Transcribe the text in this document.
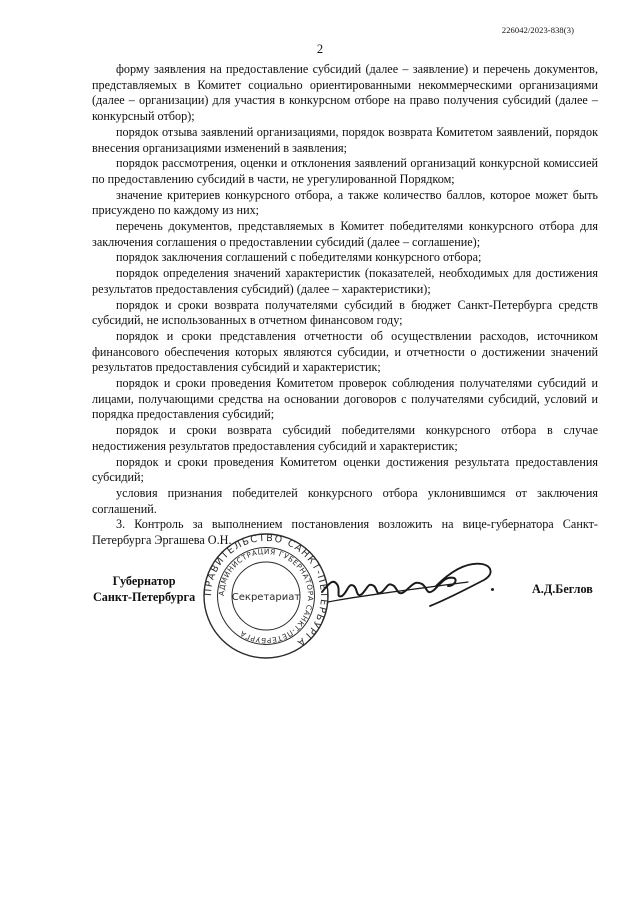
226042/2023-838(3)
2

форму заявления на предоставление субсидий (далее – заявление) и перечень документов, представляемых в Комитет социально ориентированными некоммерческими организациями (далее – организации) для участия в конкурсном отборе на право получения субсидий (далее – конкурсный отбор);

порядок отзыва заявлений организациями, порядок возврата Комитетом заявлений, порядок внесения организациями изменений в заявления;

порядок рассмотрения, оценки и отклонения заявлений организаций конкурсной комиссией по предоставлению субсидий в части, не урегулированной Порядком;

значение критериев конкурсного отбора, а также количество баллов, которое может быть присуждено по каждому из них;

перечень документов, представляемых в Комитет победителями конкурсного отбора для заключения соглашения о предоставлении субсидий (далее – соглашение);

порядок заключения соглашений с победителями конкурсного отбора;

порядок определения значений характеристик (показателей, необходимых для достижения результатов предоставления субсидий) (далее – характеристики);

порядок и сроки возврата получателями субсидий в бюджет Санкт-Петербурга средств субсидий, не использованных в отчетном финансовом году;

порядок и сроки представления отчетности об осуществлении расходов, источником финансового обеспечения которых являются субсидии, и отчетности о достижении значений результатов предоставления субсидий и характеристик;

порядок и сроки проведения Комитетом проверок соблюдения получателями субсидий и лицами, получающими средства на основании договоров с получателями субсидий, условий и порядка предоставления субсидий;

порядок и сроки возврата субсидий победителями конкурсного отбора в случае недостижения результатов предоставления субсидий и характеристик;

порядок и сроки проведения Комитетом оценки достижения результата предоставления субсидий;

условия признания победителей конкурсного отбора уклонившимся от заключения соглашений.

3. Контроль за выполнением постановления возложить на вице-губернатора Санкт-Петербурга Эргашева О.Н.

Губернатор
Санкт-Петербурга ПРАВИТЕЛЬСТВО САНКТ-ПЕТЕРБУРГА
АДМИНИСТРАЦИЯ ГУБЕРНАТОРА САНКТ-ПЕТЕРБУРГА
Секретариат
А.Д.Беглов
